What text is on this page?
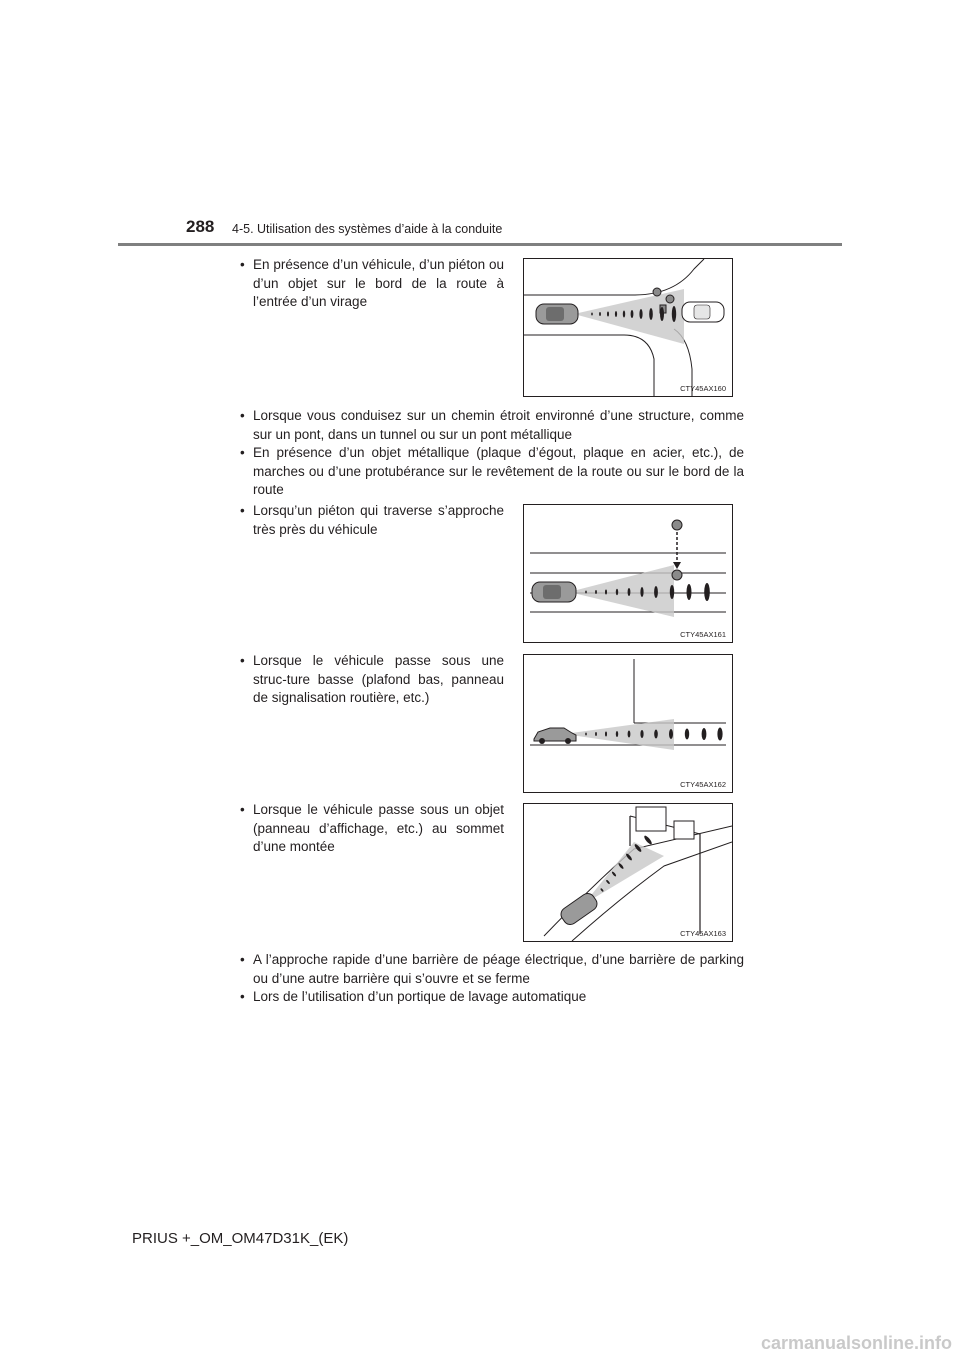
288 4-5. Utilisation des systèmes d’aide à la conduite
• En présence d’un véhicule, d’un piéton ou d’un objet sur le bord de la route à l’entrée d’un virage
CTY45AX160
• Lorsque vous conduisez sur un chemin étroit environné d’une structure, comme sur un pont, dans un tunnel ou sur un pont métallique
• En présence d’un objet métallique (plaque d’égout, plaque en acier, etc.), de marches ou d’une protubérance sur le revêtement de la route ou sur le bord de la route
• Lorsqu’un piéton qui traverse s’approche très près du véhicule
CTY45AX161
• Lorsque le véhicule passe sous une struc-ture basse (plafond bas, panneau de signalisation routière, etc.)
CTY45AX162
• Lorsque le véhicule passe sous un objet (panneau d’affichage, etc.) au sommet d’une montée
CTY45AX163
• A l’approche rapide d’une barrière de péage électrique, d’une barrière de parking ou d’une autre barrière qui s’ouvre et se ferme
• Lors de l’utilisation d’un portique de lavage automatique
PRIUS +_OM_OM47D31K_(EK)
carmanualsonline.info
